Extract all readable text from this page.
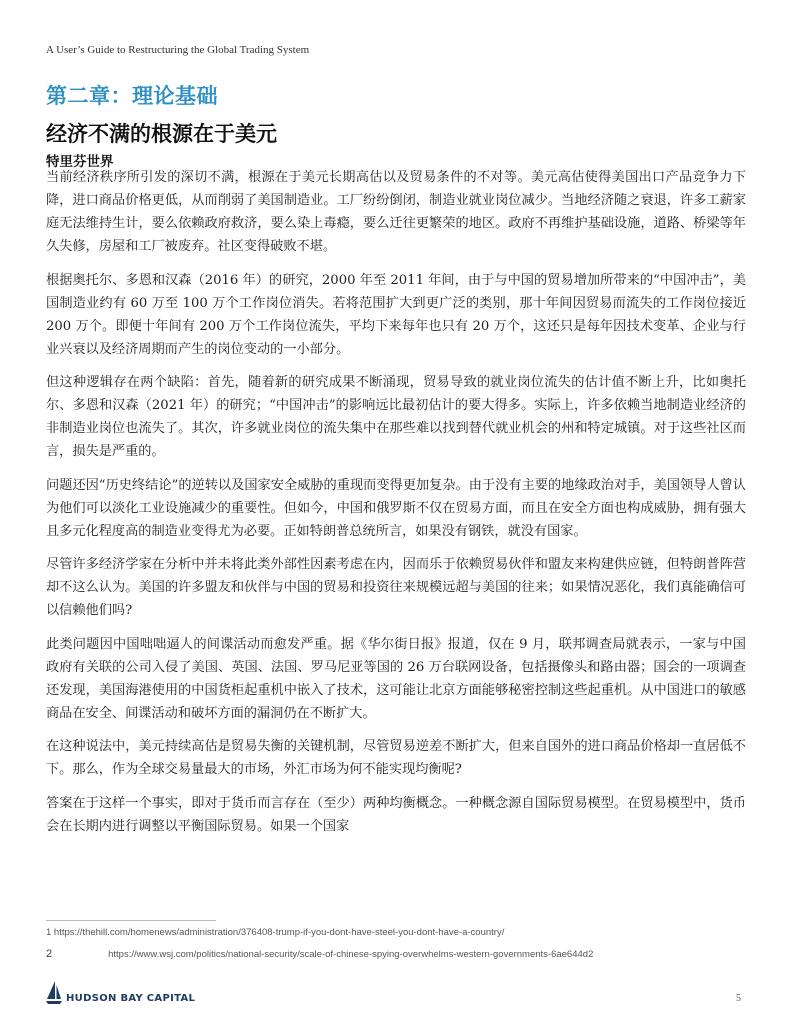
A User’s Guide to Restructuring the Global Trading System
第二章：理论基础
经济不满的根源在于美元
特里芬世界

当前经济秩序所引发的深切不满，根源在于美元长期高估以及贸易条件的不对等。美元高估使得美国出口产品竞争力下降，进口商品价格更低，从而削弱了美国制造业。工厂纷纷倒闭，制造业就业岗位减少。当地经济随之衰退，许多工薪家庭无法维持生计，要么依赖政府救济，要么染上毒瘾，要么迁往更繁荣的地区。政府不再维护基础设施，道路、桥梁等年久失修，房屋和工厂被废弃。社区变得破败不堪。

根据奥托尔、多恩和汉森（2016 年）的研究，2000 年至 2011 年间，由于与中国的贸易增加所带来的“中国冲击”，美国制造业约有 60 万至 100 万个工作岗位消失。若将范围扩大到更广泛的类别，那十年间因贸易而流失的工作岗位接近 200 万个。即便十年间有 200 万个工作岗位流失，平均下来每年也只有 20 万个，这还只是每年因技术变革、企业与行业兴衰以及经济周期而产生的岗位变动的一小部分。

但这种逻辑存在两个缺陷：首先，随着新的研究成果不断涌现，贸易导致的就业岗位流失的估计值不断上升，比如奥托尔、多恩和汉森（2021 年）的研究；“中国冲击”的影响远比最初估计的要大得多。实际上，许多依赖当地制造业经济的非制造业岗位也流失了。其次，许多就业岗位的流失集中在那些难以找到替代就业机会的州和特定城镇。对于这些社区而言，损失是严重的。

问题还因“历史终结论”的逆转以及国家安全威胁的重现而变得更加复杂。由于没有主要的地缘政治对手，美国领导人曾认为他们可以淡化工业设施减少的重要性。但如今，中国和俄罗斯不仅在贸易方面，而且在安全方面也构成威胁，拥有强大且多元化程度高的制造业变得尤为必要。正如特朗普总统所言，如果没有钢铁，就没有国家。

尽管许多经济学家在分析中并未将此类外部性因素考虑在内，因而乐于依赖贸易伙伴和盟友来构建供应链，但特朗普阵营却不这么认为。美国的许多盟友和伙伴与中国的贸易和投资往来规模远超与美国的往来；如果情况恶化，我们真能确信可以信赖他们吗?

此类问题因中国咄咄逼人的间谍活动而愈发严重。据《华尔街日报》报道，仅在 9 月，联邦调查局就表示，一家与中国政府有关联的公司入侵了美国、英国、法国、罗马尼亚等国的 26 万台联网设备，包括摄像头和路由器；国会的一项调查还发现，美国海港使用的中国货柜起重机中嵌入了技术，这可能让北京方面能够秘密控制这些起重机。从中国进口的敏感商品在安全、间谍活动和破坏方面的漏洞仍在不断扩大。

在这种说法中，美元持续高估是贸易失衡的关键机制，尽管贸易逆差不断扩大，但来自国外的进口商品价格却一直居低不下。那么，作为全球交易量最大的市场，外汇市场为何不能实现均衡呢?

答案在于这样一个事实，即对于货币而言存在（至少）两种均衡概念。一种概念源自国际贸易模型。在贸易模型中，货币会在长期内进行调整以平衡国际贸易。如果一个国家

1 https://thehill.com/homenews/administration/376408-trump-if-you-dont-have-steel-you-dont-have-a-country/
2	https://www.wsj.com/politics/national-security/scale-of-chinese-spying-overwhelms-western-governments-6ae644d2
HUDSON BAY CAPITAL	5
